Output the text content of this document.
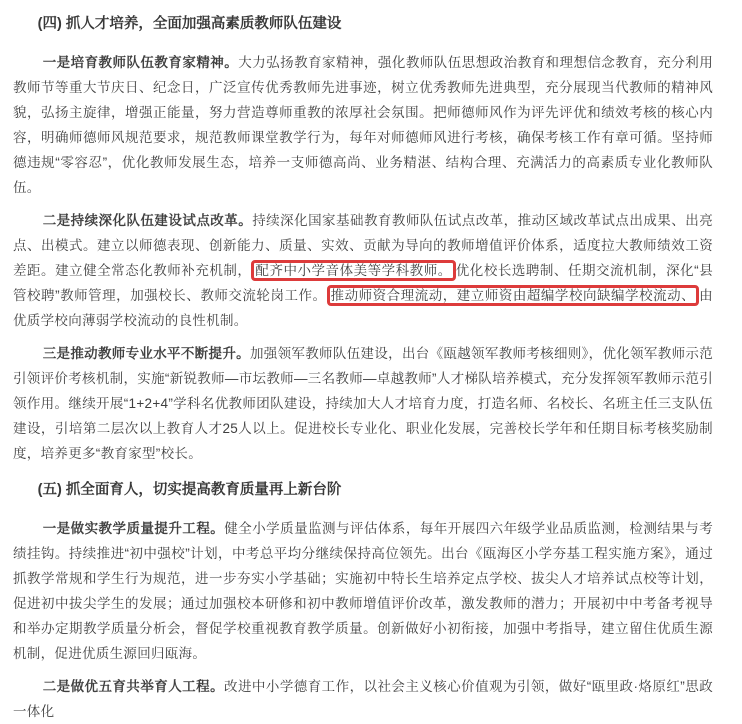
(四) 抓人才培养，全面加强高素质教师队伍建设

一是培育教师队伍教育家精神。大力弘扬教育家精神，强化教师队伍思想政治教育和理想信念教育，充分利用教师节等重大节庆日、纪念日，广泛宣传优秀教师先进事迹，树立优秀教师先进典型，充分展现当代教师的精神风貌，弘扬主旋律，增强正能量，努力营造尊师重教的浓厚社会氛围。把师德师风作为评先评优和绩效考核的核心内容，明确师德师风规范要求，规范教师课堂教学行为，每年对师德师风进行考核，确保考核工作有章可循。坚持师德违规“零容忍”，优化教师发展生态，培养一支师德高尚、业务精湛、结构合理、充满活力的高素质专业化教师队伍。

二是持续深化队伍建设试点改革。持续深化国家基础教育教师队伍试点改革，推动区域改革试点出成果、出亮点、出模式。建立以师德表现、创新能力、质量、实效、贡献为导向的教师增值评价体系，适度拉大教师绩效工资差距。建立健全常态化教师补充机制， 配齐中小学音体美等学科教师。 优化校长选聘制、任期交流机制，深化“县管校聘”教师管理，加强校长、教师交流轮岗工作。 推动师资合理流动，建立师资由超编学校向缺编学校流动、 由优质学校向薄弱学校流动的良性机制。

三是推动教师专业水平不断提升。加强领军教师队伍建设，出台《瓯越领军教师考核细则》，优化领军教师示范引领评价考核机制，实施“新锐教师—市坛教师—三名教师—卓越教师”人才梯队培养模式，充分发挥领军教师示范引领作用。继续开展“1+2+4”学科名优教师团队建设，持续加大人才培育力度，打造名师、名校长、名班主任三支队伍建设，引培第二层次以上教育人才25人以上。促进校长专业化、职业化发展，完善校长学年和任期目标考核奖励制度，培养更多“教育家型”校长。

(五) 抓全面育人，切实提高教育质量再上新台阶

一是做实教学质量提升工程。健全小学质量监测与评估体系，每年开展四六年级学业品质监测，检测结果与考绩挂钩。持续推进“初中强校”计划，中考总平均分继续保持高位领先。出台《瓯海区小学夯基工程实施方案》，通过抓教学常规和学生行为规范，进一步夯实小学基础；实施初中特长生培养定点学校、拔尖人才培养试点校等计划，促进初中拔尖学生的发展；通过加强校本研修和初中教师增值评价改革，激发教师的潜力；开展初中中考备考视导和举办定期教学质量分析会，督促学校重视教育教学质量。创新做好小初衔接，加强中考指导，建立留住优质生源机制，促进优质生源回归瓯海。

二是做优五育共举育人工程。改进中小学德育工作，以社会主义核心价值观为引领，做好“瓯里政·烙原红”思政一体化
